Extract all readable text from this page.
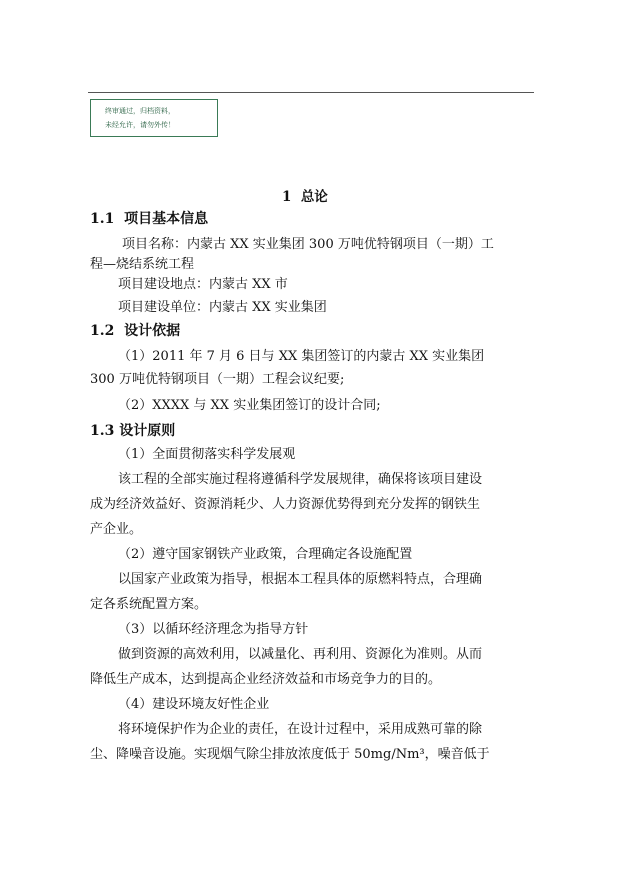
终审通过，归档资料，
未经允许，请勿外传！
1 总论
1.1 项目基本信息
项目名称：内蒙古 XX 实业集团 300 万吨优特钢项目（一期）工
程—烧结系统工程
项目建设地点：内蒙古 XX 市
项目建设单位：内蒙古 XX 实业集团
1.2 设计依据
（1）2011 年 7 月 6 日与 XX 集团签订的内蒙古 XX 实业集团
300 万吨优特钢项目（一期）工程会议纪要;
（2）XXXX 与 XX 实业集团签订的设计合同;
1.3 设计原则
（1）全面贯彻落实科学发展观
该工程的全部实施过程将遵循科学发展规律，确保将该项目建设
成为经济效益好、资源消耗少、人力资源优势得到充分发挥的钢铁生
产企业。
（2）遵守国家钢铁产业政策，合理确定各设施配置
以国家产业政策为指导，根据本工程具体的原燃料特点，合理确
定各系统配置方案。
（3）以循环经济理念为指导方针
做到资源的高效利用，以减量化、再利用、资源化为准则。从而
降低生产成本，达到提高企业经济效益和市场竞争力的目的。
（4）建设环境友好性企业
将环境保护作为企业的责任，在设计过程中，采用成熟可靠的除
尘、降噪音设施。实现烟气除尘排放浓度低于 50mg/Nm³，噪音低于
